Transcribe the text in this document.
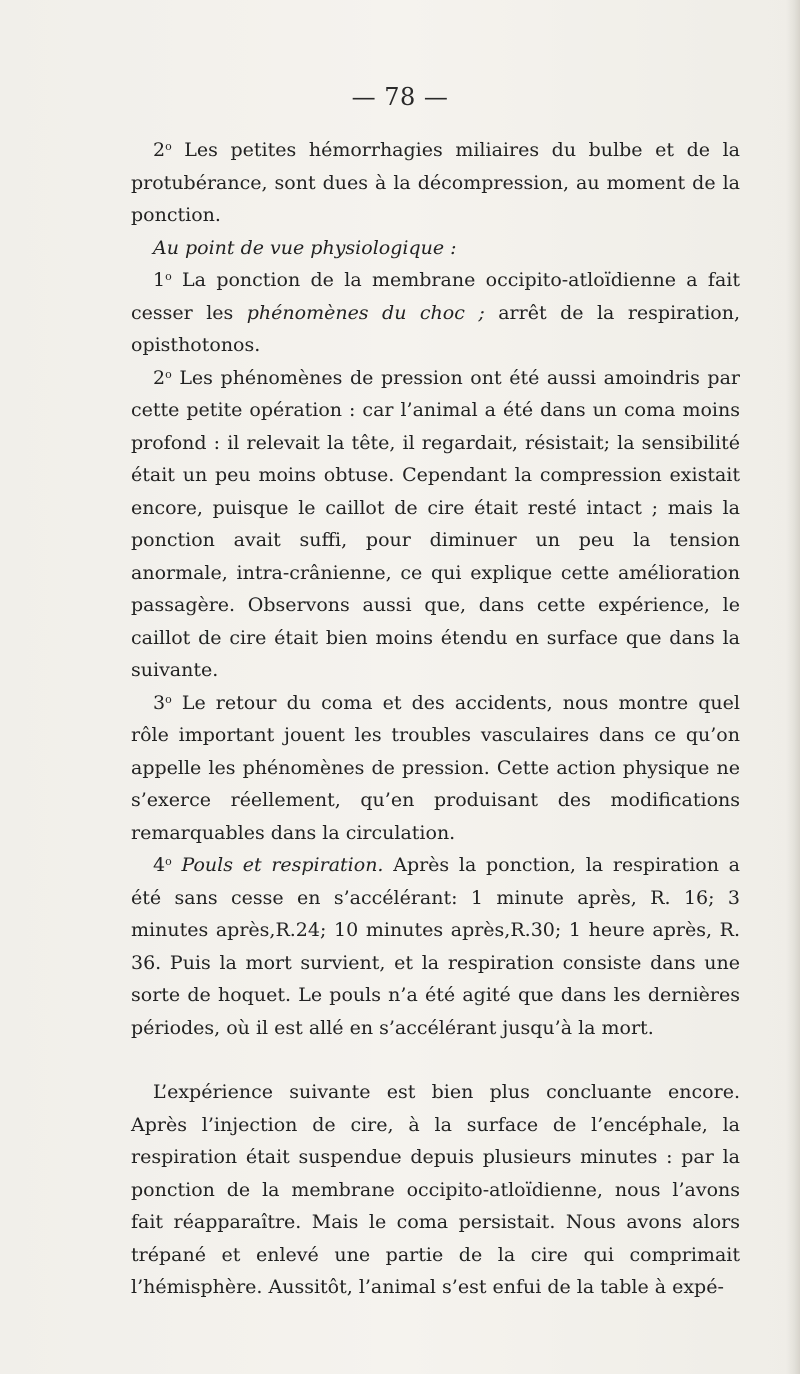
— 78 —

2$^o$ Les petites hémorrhagies miliaires du bulbe et de la protubérance, sont dues à la décompression, au moment de la ponction.

Au point de vue physiologique :

1$^o$ La ponction de la membrane occipito-atloïdienne a fait cesser les phénomènes du choc ; arrêt de la respiration, opisthotonos.

2$^o$ Les phénomènes de pression ont été aussi amoindris par cette petite opération : car l’animal a été dans un coma moins profond : il relevait la tête, il regardait, résistait; la sensibilité était un peu moins obtuse. Cependant la compression existait encore, puisque le caillot de cire était resté intact ; mais la ponction avait suffi, pour diminuer un peu la tension anormale, intra-crânienne, ce qui explique cette amélioration passagère. Observons aussi que, dans cette expérience, le caillot de cire était bien moins étendu en surface que dans la suivante.

3$^o$ Le retour du coma et des accidents, nous montre quel rôle important jouent les troubles vasculaires dans ce qu’on appelle les phénomènes de pression. Cette action physique ne s’exerce réellement, qu’en produisant des modifications remarquables dans la circulation.

4$^o$ Pouls et respiration. Après la ponction, la respiration a été sans cesse en s’accélérant: 1 minute après, R. 16; 3 minutes après,R.24; 10 minutes après,R.30; 1 heure après, R. 36. Puis la mort survient, et la respiration consiste dans une sorte de hoquet. Le pouls n’a été agité que dans les dernières périodes, où il est allé en s’accélérant jusqu’à la mort.

L’expérience suivante est bien plus concluante encore. Après l’injection de cire, à la surface de l’encéphale, la respiration était suspendue depuis plusieurs minutes : par la ponction de la membrane occipito-atloïdienne, nous l’avons fait réapparaître. Mais le coma persistait. Nous avons alors trépané et enlevé une partie de la cire qui comprimait l’hémisphère. Aussitôt, l’animal s’est enfui de la table à expé-
